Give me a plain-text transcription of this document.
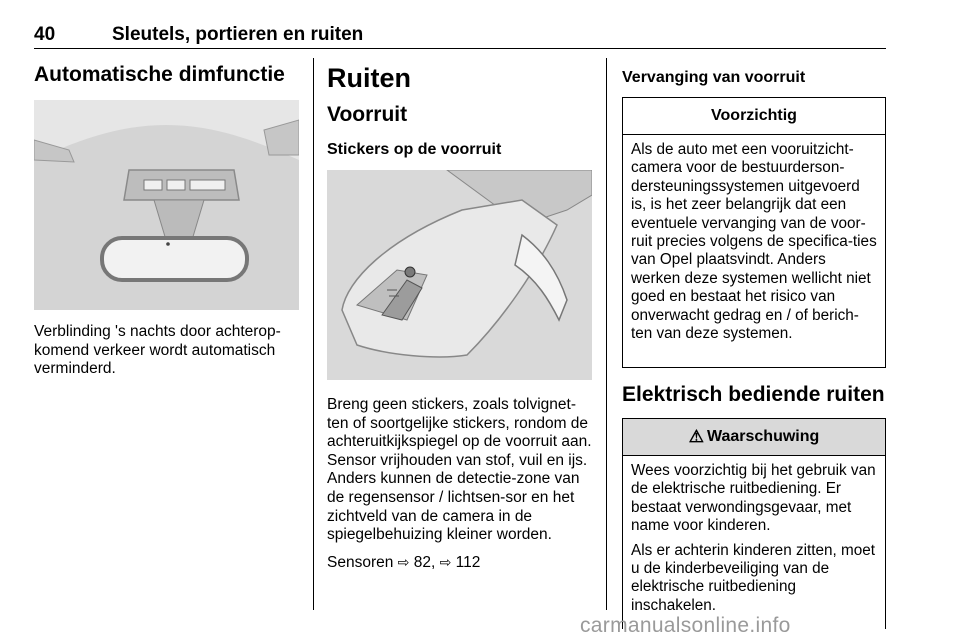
40	Sleutels, portieren en ruiten
Automatische dimfunctie

Verblinding 's nachts door achterop-komend verkeer wordt automatisch verminderd.

Ruiten
Voorruit
Stickers op de voorruit

Breng geen stickers, zoals tolvignet-ten of soortgelijke stickers, rondom de achteruitkijkspiegel op de voorruit aan. Sensor vrijhouden van stof, vuil en ijs. Anders kunnen de detectie-zone van de regensensor / lichtsen-sor en het zichtveld van de camera in de spiegelbehuizing kleiner worden.

Sensoren ⇨ 82, ⇨ 112

Vervanging van voorruit
Voorzichtig

Als de auto met een vooruitzicht-camera voor de bestuurderson-dersteuningssystemen uitgevoerd is, is het zeer belangrijk dat een eventuele vervanging van de voor-ruit precies volgens de specifica-ties van Opel plaatsvindt. Anders werken deze systemen wellicht niet goed en bestaat het risico van onverwacht gedrag en / of berich-ten van deze systemen.

Elektrisch bediende ruiten
⚠ Waarschuwing

Wees voorzichtig bij het gebruik van de elektrische ruitbediening. Er bestaat verwondingsgevaar, met name voor kinderen.

Als er achterin kinderen zitten, moet u de kinderbeveiliging van de elektrische ruitbediening inschakelen.

carmanualsonline.info
